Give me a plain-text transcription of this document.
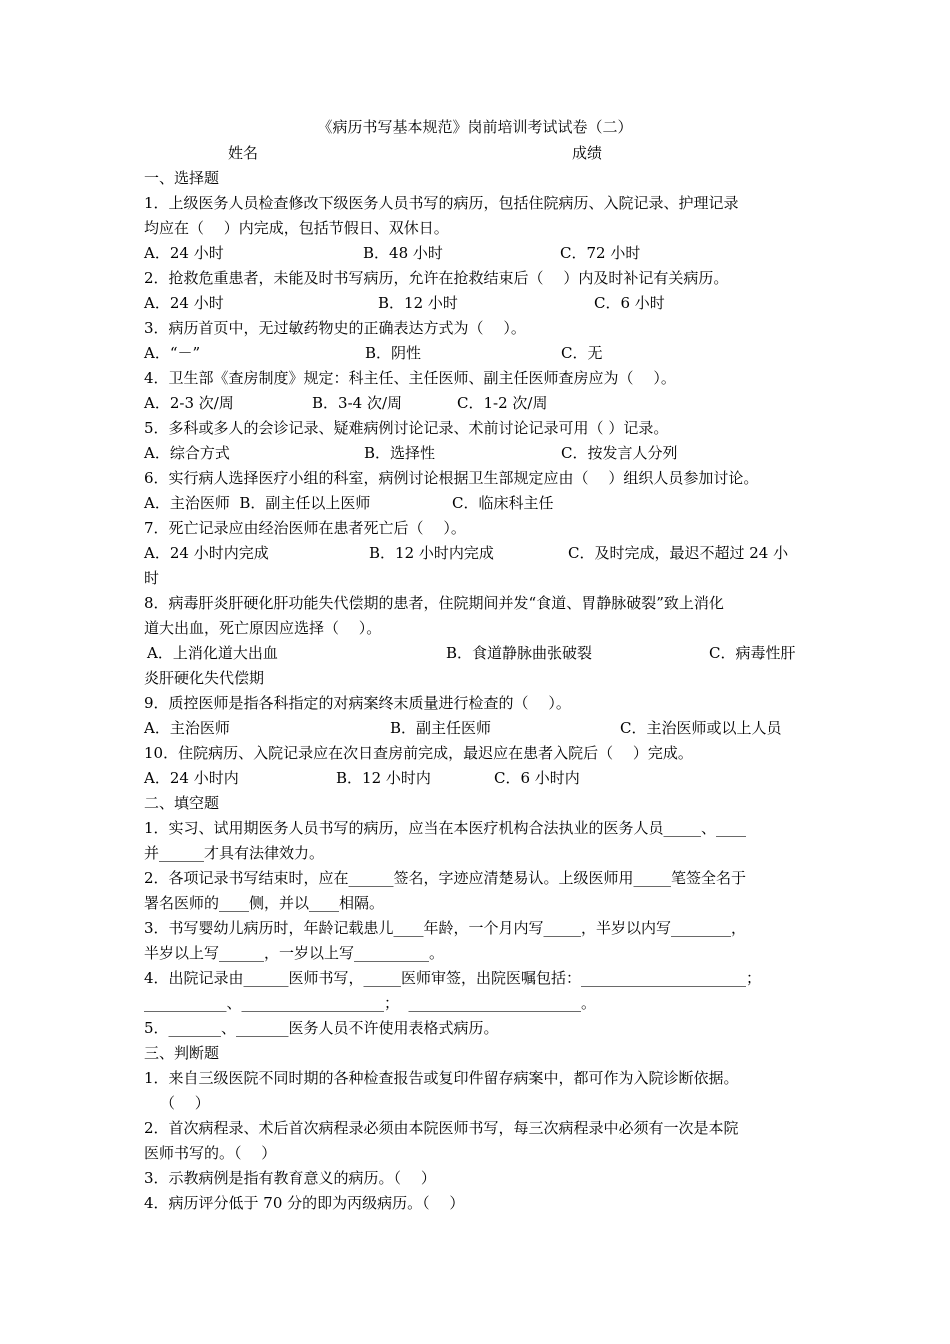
《病历书写基本规范》岗前培训考试试卷（二）
姓名	成绩
一、选择题
1．上级医务人员检查修改下级医务人员书写的病历，包括住院病历、入院记录、护理记录
均应在（　 ）内完成，包括节假日、双休日。
A．24 小时	B．48 小时	C．72 小时
2．抢救危重患者，未能及时书写病历，允许在抢救结束后（　 ）内及时补记有关病历。
A．24 小时	B．12 小时	C．6 小时
3．病历首页中，无过敏药物史的正确表达方式为（　 ）。
A．“－”	B．阴性	C．无
4．卫生部《查房制度》规定：科主任、主任医师、副主任医师查房应为（　 ）。
A．2-3 次/周	B．3-4 次/周	C．1-2 次/周
5．多科或多人的会诊记录、疑难病例讨论记录、术前讨论记录可用（ ）记录。
A．综合方式	B．选择性	C．按发言人分列
6．实行病人选择医疗小组的科室，病例讨论根据卫生部规定应由（　 ）组织人员参加讨论。
A．主治医师  B．副主任以上医师	C．临床科主任
7．死亡记录应由经治医师在患者死亡后（　 ）。
A．24 小时内完成	B．12 小时内完成	C．及时完成，最迟不超过 24 小
时
8．病毒肝炎肝硬化肝功能失代偿期的患者，住院期间并发“食道、胃静脉破裂”致上消化
道大出血，死亡原因应选择（　 ）。
A．上消化道大出血	B．食道静脉曲张破裂	C．病毒性肝
炎肝硬化失代偿期
9．质控医师是指各科指定的对病案终末质量进行检查的（　 ）。
A．主治医师	B．副主任医师	C．主治医师或以上人员
10．住院病历、入院记录应在次日查房前完成，最迟应在患者入院后（　 ）完成。
A．24 小时内	B．12 小时内	C．6 小时内
二、填空题
1．实习、试用期医务人员书写的病历，应当在本医疗机构合法执业的医务人员_____、____
并______才具有法律效力。
2．各项记录书写结束时，应在______签名，字迹应清楚易认。上级医师用_____笔签全名于
署名医师的____侧，并以____相隔。
3．书写婴幼儿病历时，年龄记载患儿____年龄，一个月内写_____，半岁以内写________，
半岁以上写______，一岁以上写__________。
4．出院记录由______医师书写，_____医师审签，出院医嘱包括：______________________；
___________、___________________；  _______________________。
5．_______、_______医务人员不许使用表格式病历。
三、判断题
1．来自三级医院不同时期的各种检查报告或复印件留存病案中，都可作为入院诊断依据。
（　 ）
2．首次病程录、术后首次病程录必须由本院医师书写，每三次病程录中必须有一次是本院
医师书写的。（　 ）
3．示教病例是指有教育意义的病历。（　 ）
4．病历评分低于 70 分的即为丙级病历。（　 ）
